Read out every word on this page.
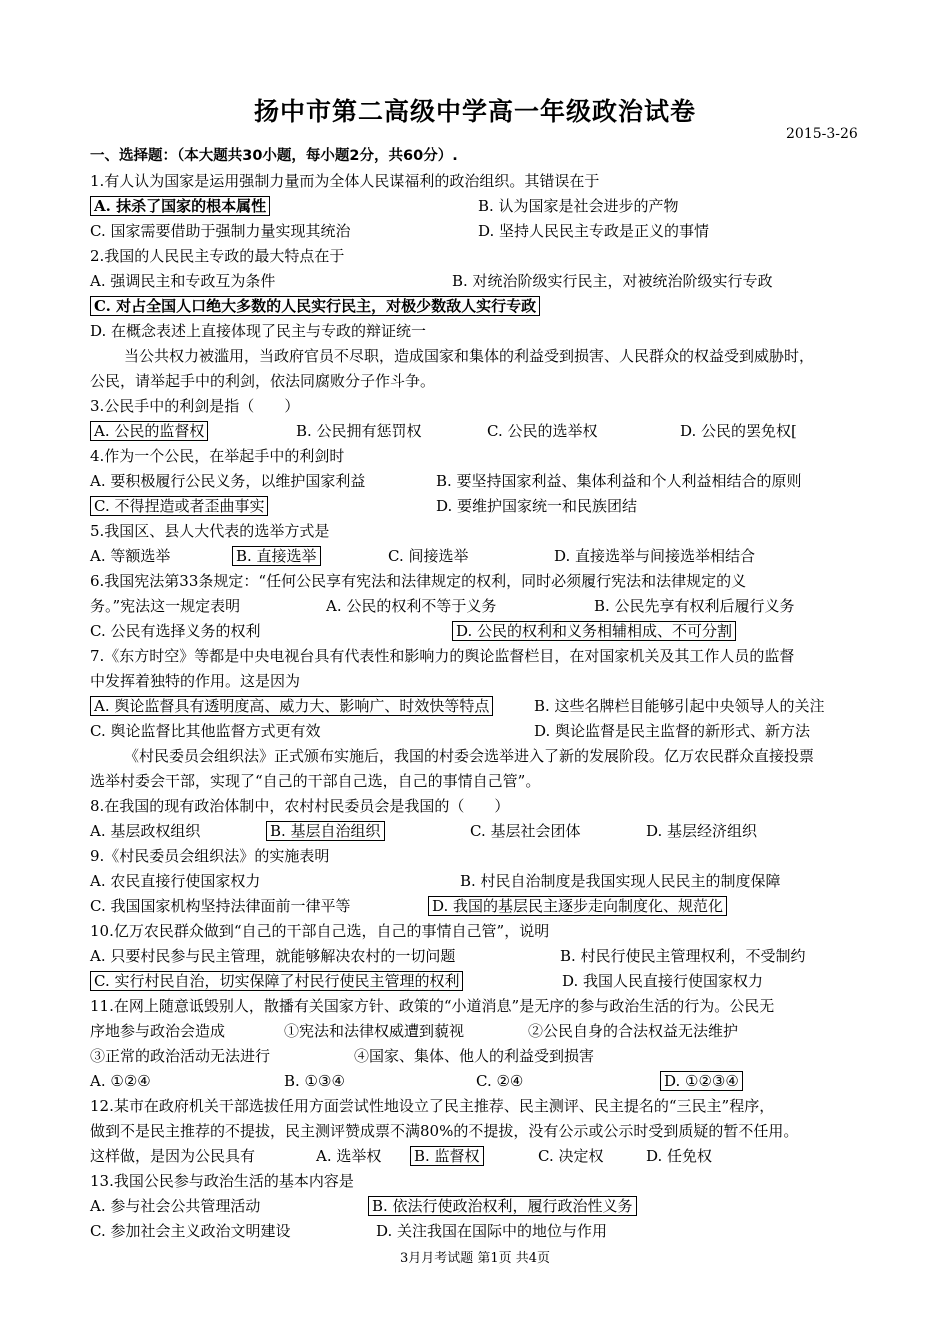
扬中市第二高级中学高一年级政治试卷
2015-3-26
一、选择题：（本大题共30小题，每小题2分，共60分）.
1.有人认为国家是运用强制力量而为全体人民谋福利的政治组织。其错误在于
A. 抹杀了国家的根本属性	B. 认为国家是社会进步的产物
C. 国家需要借助于强制力量实现其统治	D. 坚持人民民主专政是正义的事情
2.我国的人民民主专政的最大特点在于
A. 强调民主和专政互为条件	B. 对统治阶级实行民主，对被统治阶级实行专政
C. 对占全国人口绝大多数的人民实行民主，对极少数敌人实行专政
D. 在概念表述上直接体现了民主与专政的辩证统一
当公共权力被滥用，当政府官员不尽职，造成国家和集体的利益受到损害、人民群众的权益受到威胁时，
公民，请举起手中的利剑，依法同腐败分子作斗争。
3.公民手中的利剑是指（　　）
A. 公民的监督权	B. 公民拥有惩罚权	C. 公民的选举权	D. 公民的罢免权[
4.作为一个公民，在举起手中的利剑时
A. 要积极履行公民义务，以维护国家利益	B. 要坚持国家利益、集体利益和个人利益相结合的原则
C. 不得捏造或者歪曲事实	D. 要维护国家统一和民族团结
5.我国区、县人大代表的选举方式是
A. 等额选举	B. 直接选举	C. 间接选举	D. 直接选举与间接选举相结合
6.我国宪法第33条规定：“任何公民享有宪法和法律规定的权利，同时必须履行宪法和法律规定的义
务。”宪法这一规定表明	A. 公民的权利不等于义务	B. 公民先享有权利后履行义务
C. 公民有选择义务的权利	D. 公民的权利和义务相辅相成、不可分割
7.《东方时空》等都是中央电视台具有代表性和影响力的舆论监督栏目，在对国家机关及其工作人员的监督
中发挥着独特的作用。这是因为
A. 舆论监督具有透明度高、威力大、影响广、时效快等特点	B. 这些名牌栏目能够引起中央领导人的关注
C. 舆论监督比其他监督方式更有效	D. 舆论监督是民主监督的新形式、新方法
《村民委员会组织法》正式颁布实施后，我国的村委会选举进入了新的发展阶段。亿万农民群众直接投票
选举村委会干部，实现了“自己的干部自己选，自己的事情自己管”。
8.在我国的现有政治体制中，农村村民委员会是我国的（　　）
A. 基层政权组织	B. 基层自治组织	C. 基层社会团体	D. 基层经济组织
9.《村民委员会组织法》的实施表明
A. 农民直接行使国家权力	B. 村民自治制度是我国实现人民民主的制度保障
C. 我国国家机构坚持法律面前一律平等	D. 我国的基层民主逐步走向制度化、规范化
10.亿万农民群众做到“自己的干部自己选，自己的事情自己管”，说明
A. 只要村民参与民主管理，就能够解决农村的一切问题	B. 村民行使民主管理权利，不受制约
C. 实行村民自治，切实保障了村民行使民主管理的权利	D. 我国人民直接行使国家权力
11.在网上随意诋毁别人，散播有关国家方针、政策的“小道消息”是无序的参与政治生活的行为。公民无
序地参与政治会造成	①宪法和法律权威遭到藐视	②公民自身的合法权益无法维护
③正常的政治活动无法进行	④国家、集体、他人的利益受到损害
A. ①②④	B. ①③④	C. ②④	D. ①②③④
12.某市在政府机关干部选拔任用方面尝试性地设立了民主推荐、民主测评、民主提名的“三民主”程序，
做到不是民主推荐的不提拔，民主测评赞成票不满80%的不提拔，没有公示或公示时受到质疑的暂不任用。
这样做，是因为公民具有	A. 选举权 B. 监督权	C. 决定权	D. 任免权
13.我国公民参与政治生活的基本内容是
A. 参与社会公共管理活动	B. 依法行使政治权利，履行政治性义务
C. 参加社会主义政治文明建设	D. 关注我国在国际中的地位与作用
3月月考试题 第1页 共4页
